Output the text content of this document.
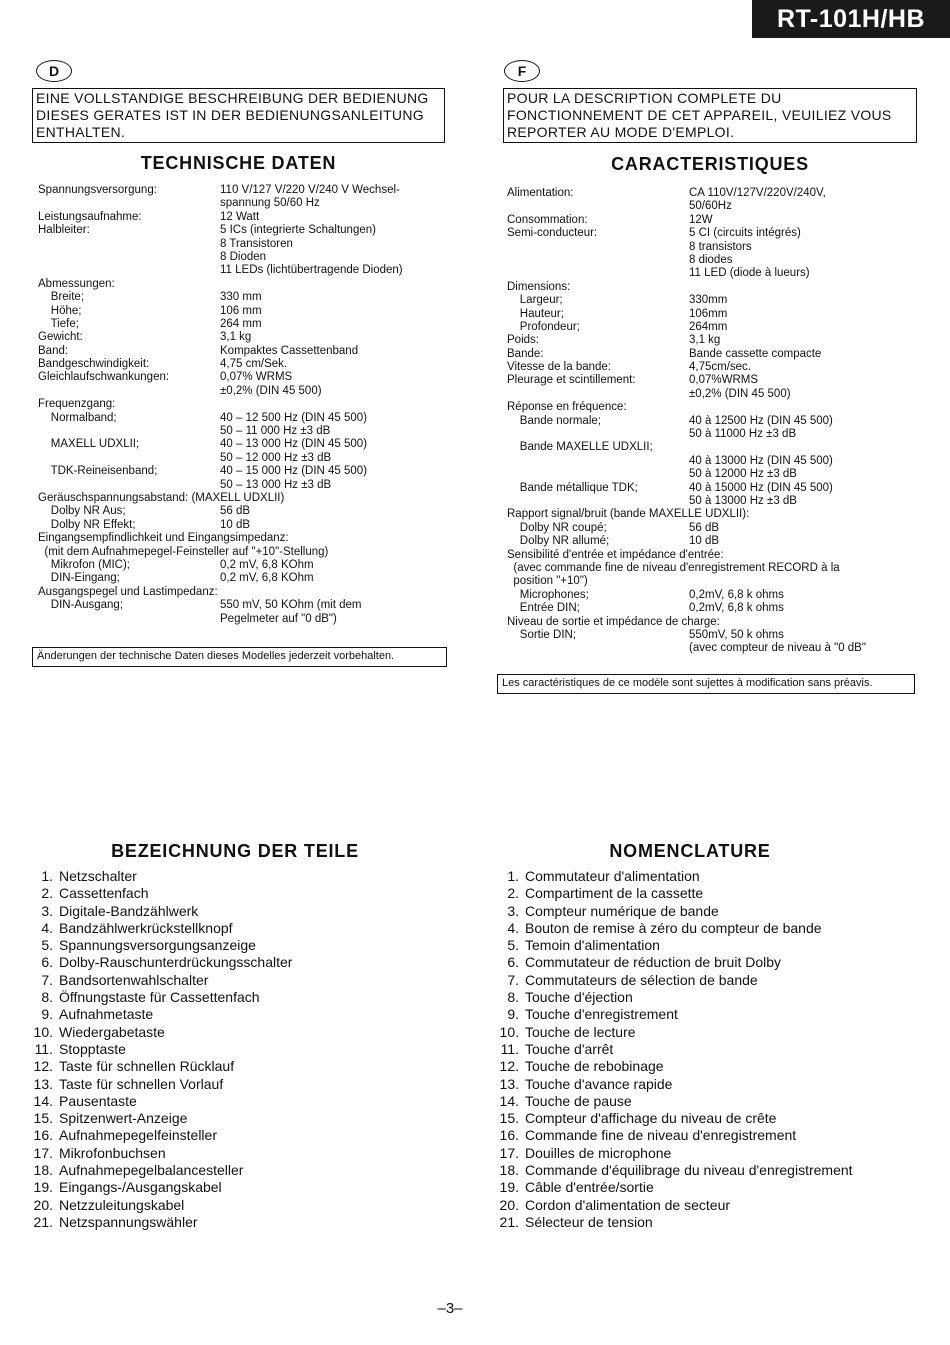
RT-101H/HB
D
EINE VOLLSTANDIGE BESCHREIBUNG DER BEDIENUNG DIESES GERATES IST IN DER BEDIENUNGSANLEITUNG ENTHALTEN.
TECHNISCHE DATEN
Spannungsversorgung:	110 V/127 V/220 V/240 V Wechsel-
spannung 50/60 Hz
Leistungsaufnahme:	12 Watt
Halbleiter:	5 ICs (integrierte Schaltungen)
8 Transistoren
8 Dioden
11 LEDs (lichtübertragende Dioden)
Abmessungen:
Breite;	330 mm
Höhe;	106 mm
Tiefe;	264 mm
Gewicht:	3,1 kg
Band:	Kompaktes Cassettenband
Bandgeschwindigkeit:	4,75 cm/Sek.
Gleichlaufschwankungen:	0,07% WRMS
±0,2% (DIN 45 500)
Frequenzgang:
Normalband;	40 – 12 500 Hz (DIN 45 500)
50 – 11 000 Hz ±3 dB
MAXELL UDXLII;	40 – 13 000 Hz (DIN 45 500)
50 – 12 000 Hz ±3 dB
TDK-Reineisenband;	40 – 15 000 Hz (DIN 45 500)
50 – 13 000 Hz ±3 dB
Geräuschspannungsabstand: (MAXELL UDXLII)
Dolby NR Aus;	56 dB
Dolby NR Effekt;	10 dB
Eingangsempfindlichkeit und Eingangsimpedanz:
(mit dem Aufnahmepegel-Feinsteller auf "+10"-Stellung)
Mikrofon (MIC);	0,2 mV, 6,8 KOhm
DIN-Eingang;	0,2 mV, 6,8 KOhm
Ausgangspegel und Lastimpedanz:
DIN-Ausgang;	550 mV, 50 KOhm (mit dem
Pegelmeter auf "0 dB")
Änderungen der technische Daten dieses Modelles jederzeit vorbehalten.
F
POUR LA DESCRIPTION COMPLETE DU FONCTIONNEMENT DE CET APPAREIL, VEUILIEZ VOUS REPORTER AU MODE D'EMPLOI.
CARACTERISTIQUES
Alimentation:	CA 110V/127V/220V/240V,
50/60Hz
Consommation:	12W
Semi-conducteur:	5 CI (circuits intégrés)
8 transistors
8 diodes
11 LED (diode à lueurs)
Dimensions:
Largeur;	330mm
Hauteur;	106mm
Profondeur;	264mm
Poids:	3,1 kg
Bande:	Bande cassette compacte
Vitesse de la bande:	4,75cm/sec.
Pleurage et scintillement:	0,07%WRMS
±0,2% (DIN 45 500)
Réponse en fréquence:
Bande normale;	40 à 12500 Hz (DIN 45 500)
50 à 11000 Hz ±3 dB
Bande MAXELLE UDXLII;
40 à 13000 Hz (DIN 45 500)
50 à 12000 Hz ±3 dB
Bande métallique TDK;	40 à 15000 Hz (DIN 45 500)
50 à 13000 Hz ±3 dB
Rapport signal/bruit (bande MAXELLE UDXLII):
Dolby NR coupé;	56 dB
Dolby NR allumé;	10 dB
Sensibilité d'entrée et impédance d'entrée:
(avec commande fine de niveau d'enregistrement RECORD à la
position "+10")
Microphones;	0,2mV, 6,8 k ohms
Entrée DIN;	0,2mV, 6,8 k ohms
Niveau de sortie et impédance de charge:
Sortie DIN;	550mV, 50 k ohms
(avec compteur de niveau à "0 dB"
Les caractéristiques de ce modèle sont sujettes à modification sans préavis.
BEZEICHNUNG DER TEILE
1. Netzschalter
2. Cassettenfach
3. Digitale-Bandzählwerk
4. Bandzählwerkrückstellknopf
5. Spannungsversorgungsanzeige
6. Dolby-Rauschunterdrückungsschalter
7. Bandsortenwahlschalter
8. Öffnungstaste für Cassettenfach
9. Aufnahmetaste
10. Wiedergabetaste
11. Stopptaste
12. Taste für schnellen Rücklauf
13. Taste für schnellen Vorlauf
14. Pausentaste
15. Spitzenwert-Anzeige
16. Aufnahmepegelfeinsteller
17. Mikrofonbuchsen
18. Aufnahmepegelbalancesteller
19. Eingangs-/Ausgangskabel
20. Netzzuleitungskabel
21. Netzspannungswähler
NOMENCLATURE
1. Commutateur d'alimentation
2. Compartiment de la cassette
3. Compteur numérique de bande
4. Bouton de remise à zéro du compteur de bande
5. Temoin d'alimentation
6. Commutateur de réduction de bruit Dolby
7. Commutateurs de sélection de bande
8. Touche d'éjection
9. Touche d'enregistrement
10. Touche de lecture
11. Touche d'arrêt
12. Touche de rebobinage
13. Touche d'avance rapide
14. Touche de pause
15. Compteur d'affichage du niveau de crête
16. Commande fine de niveau d'enregistrement
17. Douilles de microphone
18. Commande d'équilibrage du niveau d'enregistrement
19. Câble d'entrée/sortie
20. Cordon d'alimentation de secteur
21. Sélecteur de tension
–3–
